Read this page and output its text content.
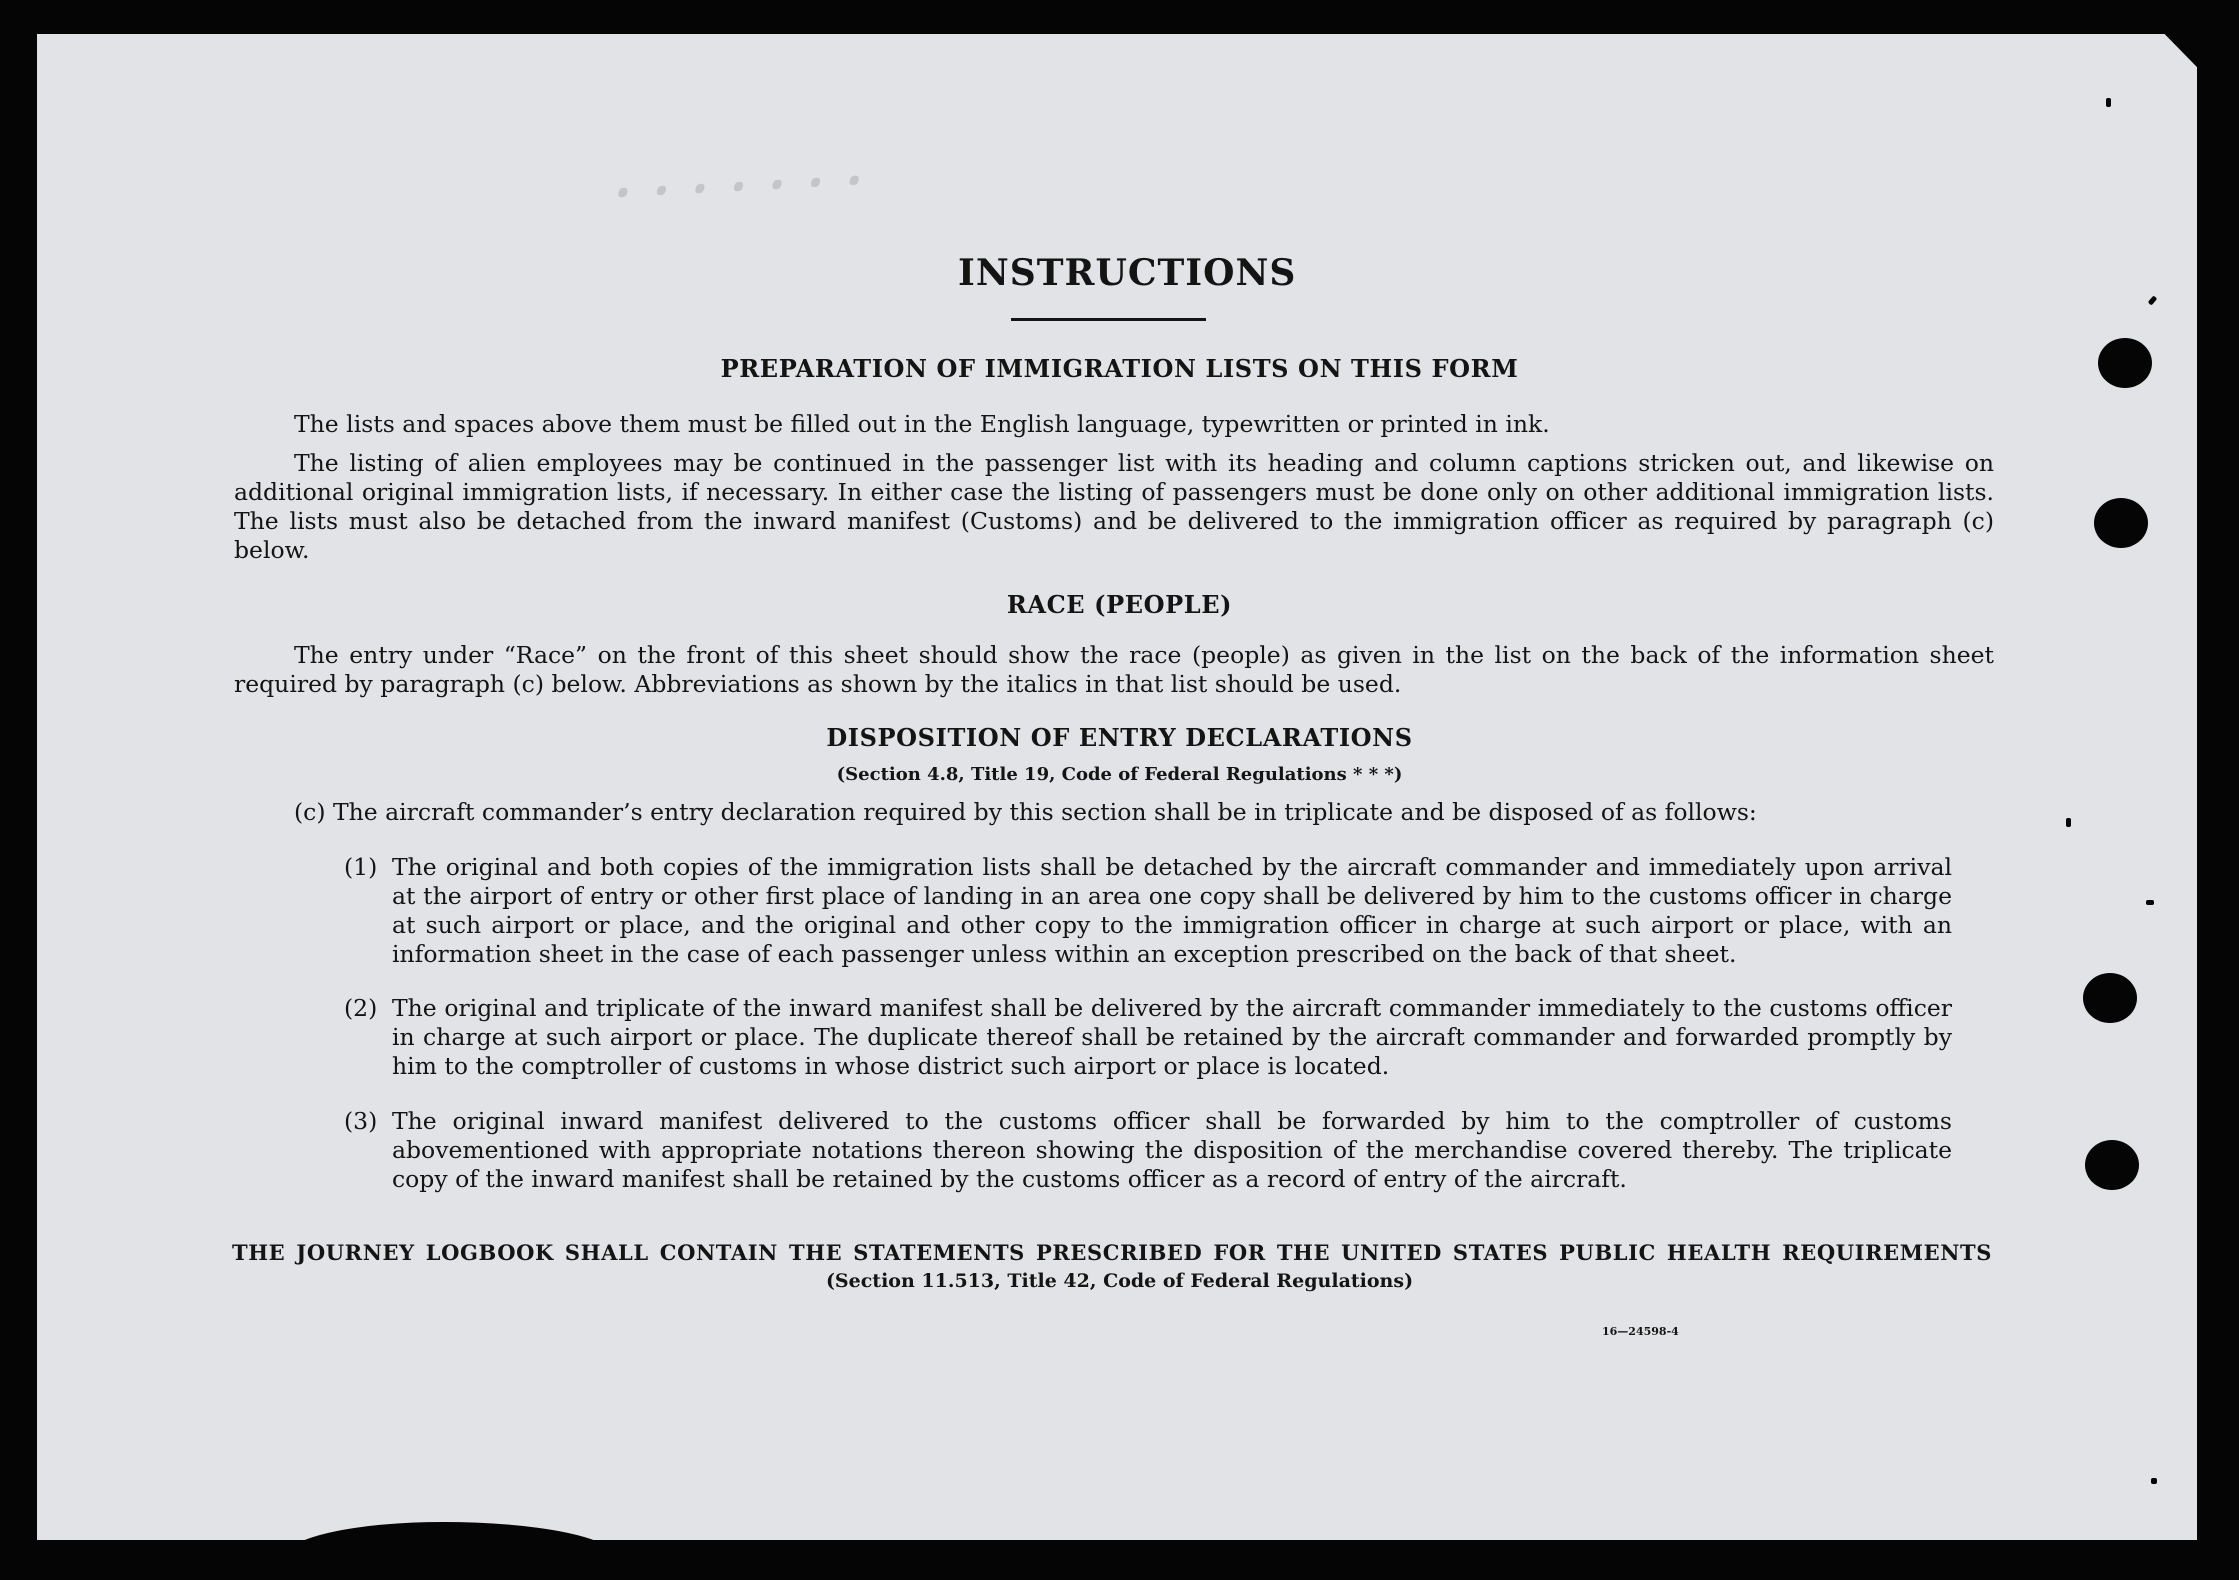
ꞏ ꞏ ꞏ ꞏ ꞏ ꞏ ꞏ
INSTRUCTIONS
PREPARATION OF IMMIGRATION LISTS ON THIS FORM
The lists and spaces above them must be filled out in the English language, typewritten or printed in ink.
The listing of alien employees may be continued in the passenger list with its heading and column captions stricken out, and likewise on additional original immigration lists, if necessary. In either case the listing of passengers must be done only on other additional immigration lists. The lists must also be detached from the inward manifest (Customs) and be delivered to the immigration officer as required by paragraph (c) below.
RACE (PEOPLE)
The entry under “Race” on the front of this sheet should show the race (people) as given in the list on the back of the information sheet required by paragraph (c) below. Abbreviations as shown by the italics in that list should be used.
DISPOSITION OF ENTRY DECLARATIONS
(Section 4.8, Title 19, Code of Federal Regulations * * *)
(c) The aircraft commander’s entry declaration required by this section shall be in triplicate and be disposed of as follows:
(1) The original and both copies of the immigration lists shall be detached by the aircraft commander and immediately upon arrival at the airport of entry or other first place of landing in an area one copy shall be delivered by him to the customs officer in charge at such airport or place, and the original and other copy to the immigration officer in charge at such airport or place, with an information sheet in the case of each passenger unless within an exception prescribed on the back of that sheet.
(2) The original and triplicate of the inward manifest shall be delivered by the aircraft commander immediately to the customs officer in charge at such airport or place. The duplicate thereof shall be retained by the aircraft commander and forwarded promptly by him to the comptroller of customs in whose district such airport or place is located.
(3) The original inward manifest delivered to the customs officer shall be forwarded by him to the comptroller of customs abovementioned with appropriate notations thereon showing the disposition of the merchandise covered thereby. The triplicate copy of the inward manifest shall be retained by the customs officer as a record of entry of the aircraft.
THE JOURNEY LOGBOOK SHALL CONTAIN THE STATEMENTS PRESCRIBED FOR THE UNITED STATES PUBLIC HEALTH REQUIREMENTS
(Section 11.513, Title 42, Code of Federal Regulations)
16—24598-4
